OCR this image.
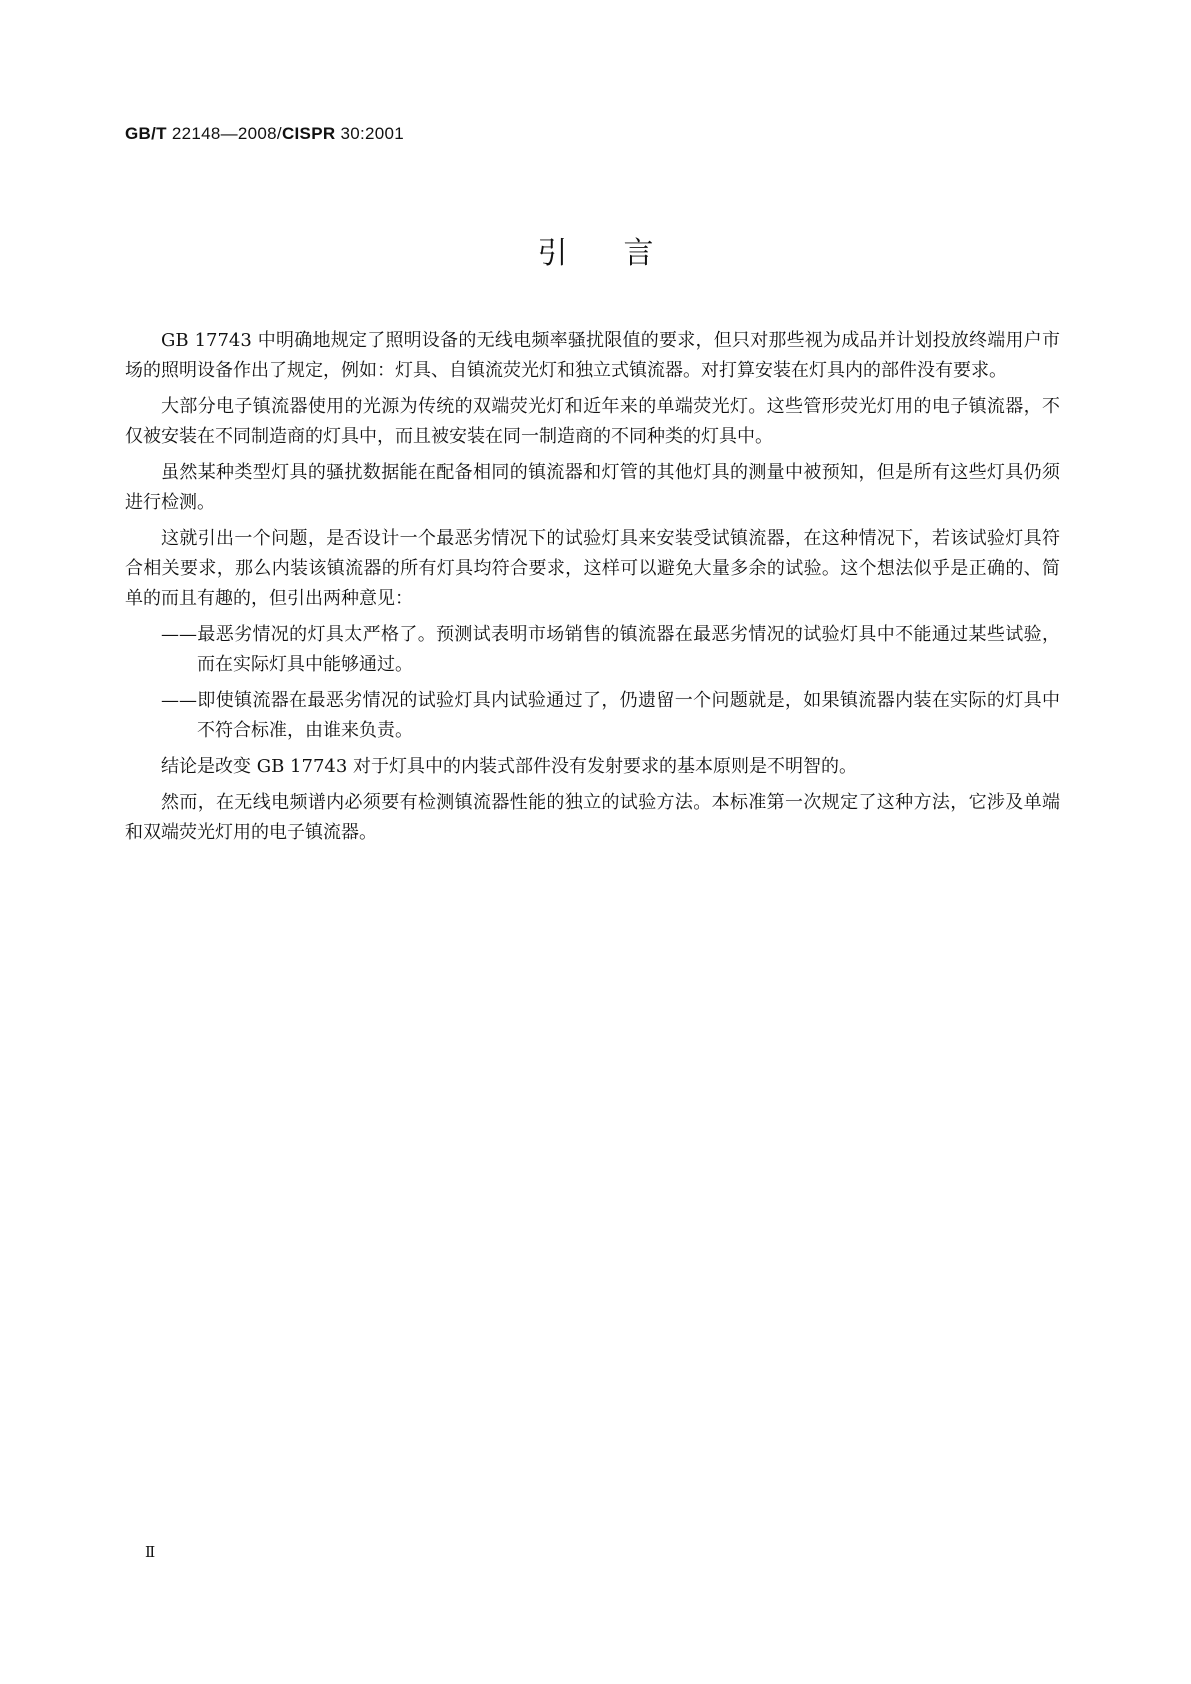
GB/T 22148—2008/CISPR 30:2001
引言

GB 17743 中明确地规定了照明设备的无线电频率骚扰限值的要求，但只对那些视为成品并计划投放终端用户市场的照明设备作出了规定，例如：灯具、自镇流荧光灯和独立式镇流器。对打算安装在灯具内的部件没有要求。

大部分电子镇流器使用的光源为传统的双端荧光灯和近年来的单端荧光灯。这些管形荧光灯用的电子镇流器，不仅被安装在不同制造商的灯具中，而且被安装在同一制造商的不同种类的灯具中。

虽然某种类型灯具的骚扰数据能在配备相同的镇流器和灯管的其他灯具的测量中被预知，但是所有这些灯具仍须进行检测。

这就引出一个问题，是否设计一个最恶劣情况下的试验灯具来安装受试镇流器，在这种情况下，若该试验灯具符合相关要求，那么内装该镇流器的所有灯具均符合要求，这样可以避免大量多余的试验。这个想法似乎是正确的、简单的而且有趣的，但引出两种意见：

——最恶劣情况的灯具太严格了。预测试表明市场销售的镇流器在最恶劣情况的试验灯具中不能通过某些试验，而在实际灯具中能够通过。

——即使镇流器在最恶劣情况的试验灯具内试验通过了，仍遗留一个问题就是，如果镇流器内装在实际的灯具中不符合标准，由谁来负责。

结论是改变 GB 17743 对于灯具中的内装式部件没有发射要求的基本原则是不明智的。

然而，在无线电频谱内必须要有检测镇流器性能的独立的试验方法。本标准第一次规定了这种方法，它涉及单端和双端荧光灯用的电子镇流器。

Ⅱ
